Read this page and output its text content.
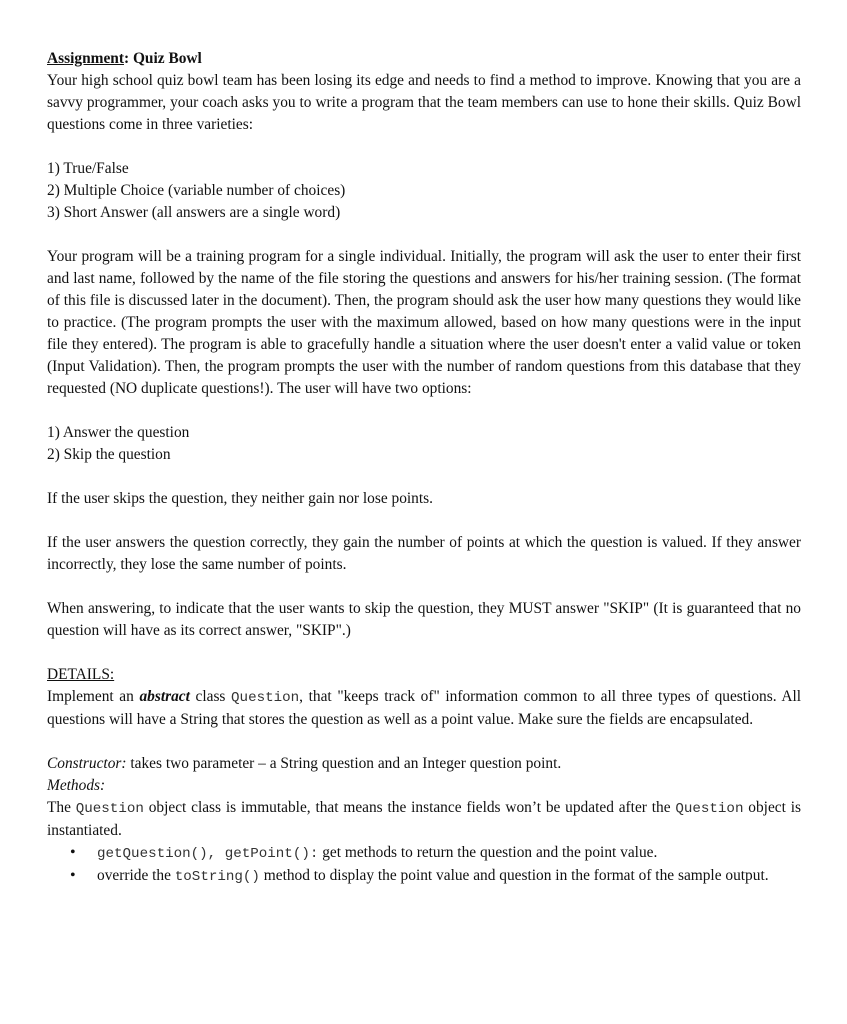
Assignment: Quiz Bowl

Your high school quiz bowl team has been losing its edge and needs to find a method to improve. Knowing that you are a savvy programmer, your coach asks you to write a program that the team members can use to hone their skills. Quiz Bowl questions come in three varieties:

1) True/False

2) Multiple Choice (variable number of choices)

3) Short Answer (all answers are a single word)

Your program will be a training program for a single individual. Initially, the program will ask the user to enter their first and last name, followed by the name of the file storing the questions and answers for his/her training session. (The format of this file is discussed later in the document). Then, the program should ask the user how many questions they would like to practice. (The program prompts the user with the maximum allowed, based on how many questions were in the input file they entered). The program is able to gracefully handle a situation where the user doesn't enter a valid value or token (Input Validation). Then, the program prompts the user with the number of random questions from this database that they requested (NO duplicate questions!). The user will have two options:

1) Answer the question

2) Skip the question

If the user skips the question, they neither gain nor lose points.

If the user answers the question correctly, they gain the number of points at which the question is valued. If they answer incorrectly, they lose the same number of points.

When answering, to indicate that the user wants to skip the question, they MUST answer "SKIP" (It is guaranteed that no question will have as its correct answer, "SKIP".)

DETAILS:

Implement an abstract class Question, that "keeps track of" information common to all three types of questions. All questions will have a String that stores the question as well as a point value. Make sure the fields are encapsulated.

Constructor: takes two parameter – a String question and an Integer question point.

Methods:

The Question object class is immutable, that means the instance fields won’t be updated after the Question object is instantiated.

• getQuestion(), getPoint(): get methods to return the question and the point value.
• override the toString() method to display the point value and question in the format of the sample output.
